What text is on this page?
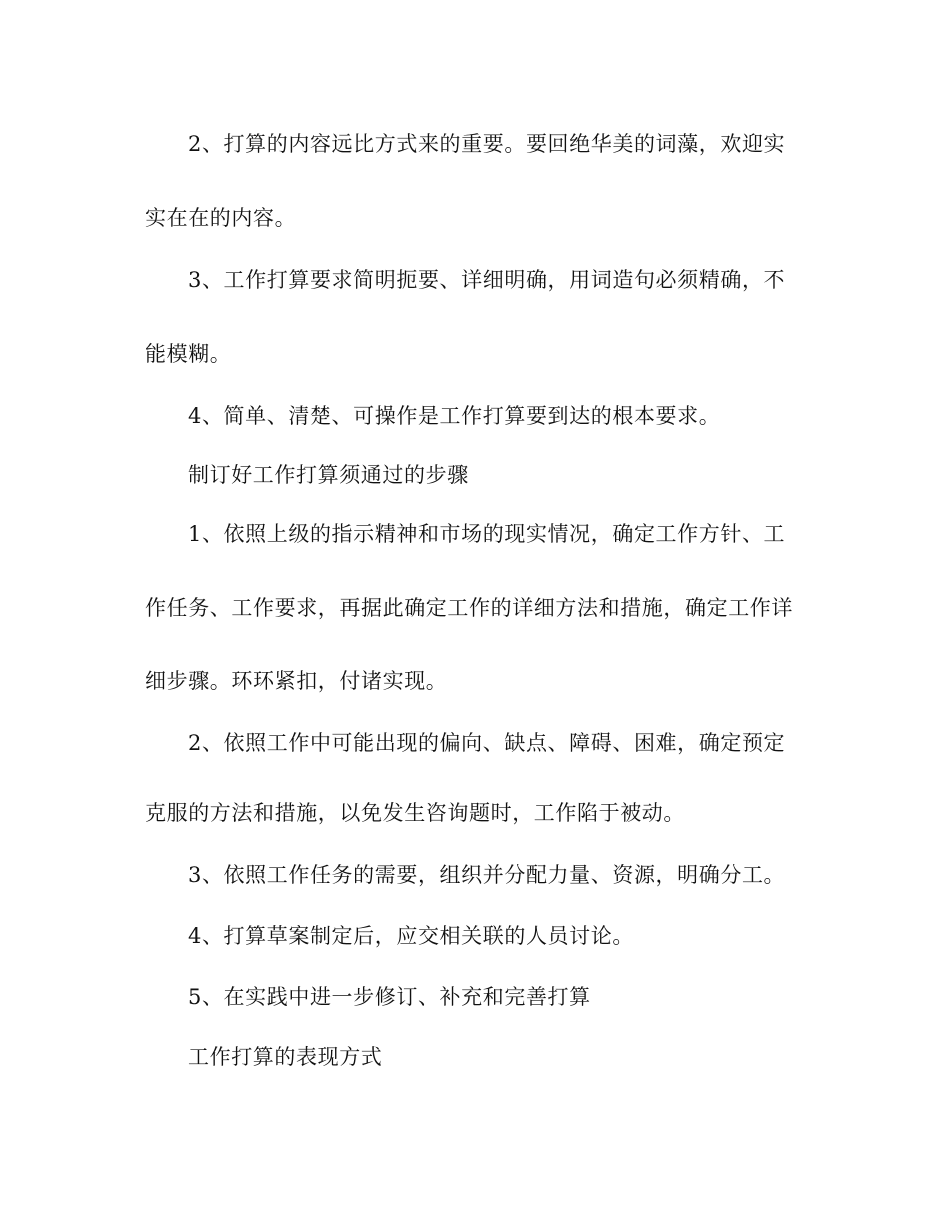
2、打算的内容远比方式来的重要。要回绝华美的词藻，欢迎实
实在在的内容。
3、工作打算要求简明扼要、详细明确，用词造句必须精确，不
能模糊。
4、简单、清楚、可操作是工作打算要到达的根本要求。
制订好工作打算须通过的步骤
1、依照上级的指示精神和市场的现实情况，确定工作方针、工
作任务、工作要求，再据此确定工作的详细方法和措施，确定工作详
细步骤。环环紧扣，付诸实现。
2、依照工作中可能出现的偏向、缺点、障碍、困难，确定预定
克服的方法和措施，以免发生咨询题时，工作陷于被动。
3、依照工作任务的需要，组织并分配力量、资源，明确分工。
4、打算草案制定后，应交相关联的人员讨论。
5、在实践中进一步修订、补充和完善打算
工作打算的表现方式
